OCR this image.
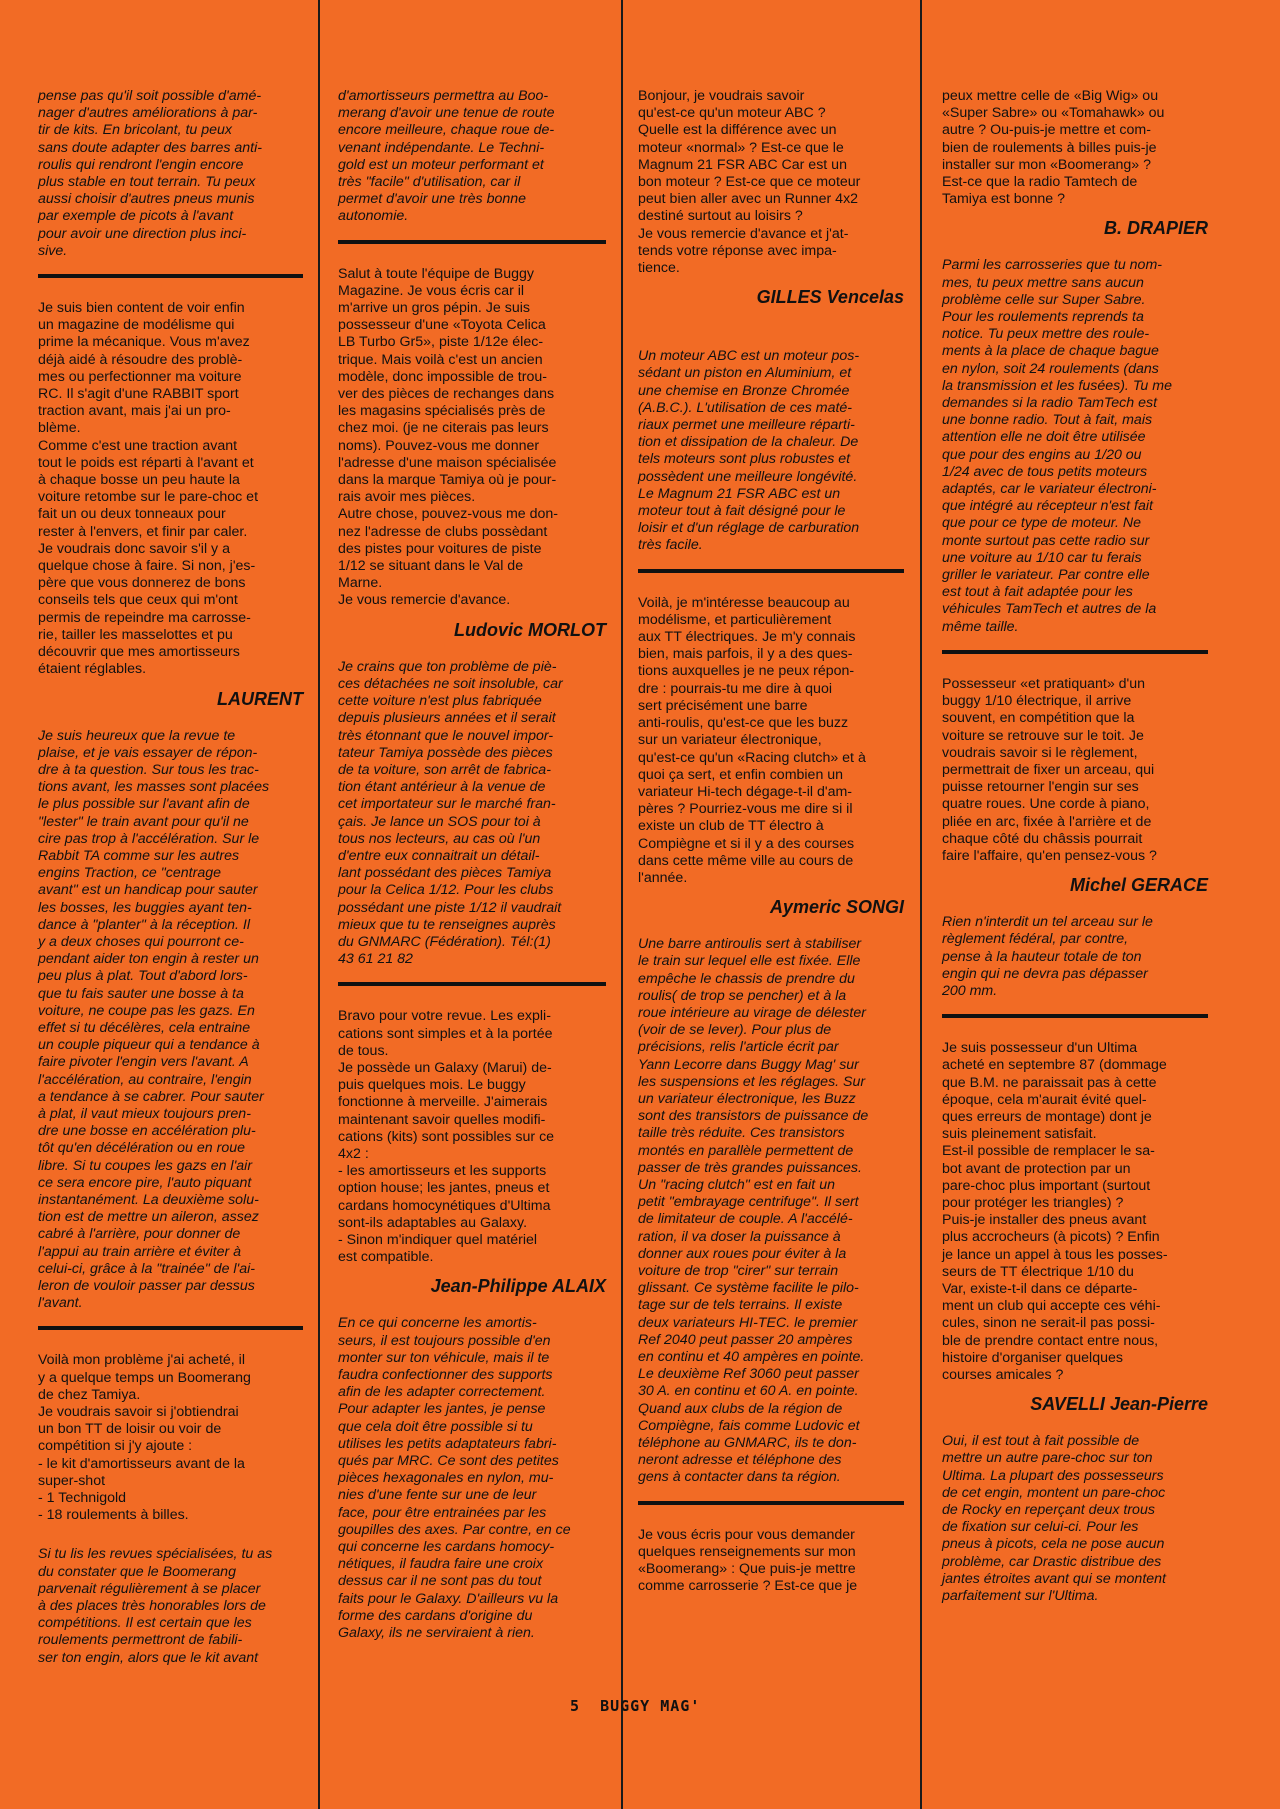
pense pas qu'il soit possible d'amé-
nager d'autres améliorations à par-
tir de kits. En bricolant, tu peux
sans doute adapter des barres anti-
roulis qui rendront l'engin encore
plus stable en tout terrain. Tu peux
aussi choisir d'autres pneus munis
par exemple de picots à l'avant
pour avoir une direction plus inci-
sive.

Je suis bien content de voir enfin
un magazine de modélisme qui
prime la mécanique. Vous m'avez
déjà aidé à résoudre des problè-
mes ou perfectionner ma voiture
RC. Il s'agit d'une RABBIT sport
traction avant, mais j'ai un pro-
blème.
Comme c'est une traction avant
tout le poids est réparti à l'avant et
à chaque bosse un peu haute la
voiture retombe sur le pare-choc et
fait un ou deux tonneaux pour
rester à l'envers, et finir par caler.
Je voudrais donc savoir s'il y a
quelque chose à faire. Si non, j'es-
père que vous donnerez de bons
conseils tels que ceux qui m'ont
permis de repeindre ma carrosse-
rie, tailler les masselottes et pu
découvrir que mes amortisseurs
étaient réglables.

LAURENT

Je suis heureux que la revue te
plaise, et je vais essayer de répon-
dre à ta question. Sur tous les trac-
tions avant, les masses sont placées
le plus possible sur l'avant afin de
"lester" le train avant pour qu'il ne
cire pas trop à l'accélération. Sur le
Rabbit TA comme sur les autres
engins Traction, ce "centrage
avant" est un handicap pour sauter
les bosses, les buggies ayant ten-
dance à "planter" à la réception. Il
y a deux choses qui pourront ce-
pendant aider ton engin à rester un
peu plus à plat. Tout d'abord lors-
que tu fais sauter une bosse à ta
voiture, ne coupe pas les gazs. En
effet si tu décélères, cela entraine
un couple piqueur qui a tendance à
faire pivoter l'engin vers l'avant. A
l'accélération, au contraire, l'engin
a tendance à se cabrer. Pour sauter
à plat, il vaut mieux toujours pren-
dre une bosse en accélération plu-
tôt qu'en décélération ou en roue
libre. Si tu coupes les gazs en l'air
ce sera encore pire, l'auto piquant
instantanément. La deuxième solu-
tion est de mettre un aileron, assez
cabré à l'arrière, pour donner de
l'appui au train arrière et éviter à
celui-ci, grâce à la "trainée" de l'ai-
leron de vouloir passer par dessus
l'avant.

Voilà mon problème j'ai acheté, il
y a quelque temps un Boomerang
de chez Tamiya.
Je voudrais savoir si j'obtiendrai
un bon TT de loisir ou voir de
compétition si j'y ajoute :
- le kit d'amortisseurs avant de la
super-shot
- 1 Technigold
- 18 roulements à billes.

Si tu lis les revues spécialisées, tu as
du constater que le Boomerang
parvenait régulièrement à se placer
à des places très honorables lors de
compétitions. Il est certain que les
roulements permettront de fabili-
ser ton engin, alors que le kit avant

d'amortisseurs permettra au Boo-
merang d'avoir une tenue de route
encore meilleure, chaque roue de-
venant indépendante. Le Techni-
gold est un moteur performant et
très "facile" d'utilisation, car il
permet d'avoir une très bonne
autonomie.

Salut à toute l'équipe de Buggy
Magazine. Je vous écris car il
m'arrive un gros pépin. Je suis
possesseur d'une «Toyota Celica
LB Turbo Gr5», piste 1/12e élec-
trique. Mais voilà c'est un ancien
modèle, donc impossible de trou-
ver des pièces de rechanges dans
les magasins spécialisés près de
chez moi. (je ne citerais pas leurs
noms). Pouvez-vous me donner
l'adresse d'une maison spécialisée
dans la marque Tamiya où je pour-
rais avoir mes pièces.
Autre chose, pouvez-vous me don-
nez l'adresse de clubs possèdant
des pistes pour voitures de piste
1/12 se situant dans le Val de
Marne.
Je vous remercie d'avance.

Ludovic MORLOT

Je crains que ton problème de piè-
ces détachées ne soit insoluble, car
cette voiture n'est plus fabriquée
depuis plusieurs années et il serait
très étonnant que le nouvel impor-
tateur Tamiya possède des pièces
de ta voiture, son arrêt de fabrica-
tion étant antérieur à la venue de
cet importateur sur le marché fran-
çais. Je lance un SOS pour toi à
tous nos lecteurs, au cas où l'un
d'entre eux connaitrait un détail-
lant possédant des pièces Tamiya
pour la Celica 1/12. Pour les clubs
possédant une piste 1/12 il vaudrait
mieux que tu te renseignes auprès
du GNMARC (Fédération). Tél:(1)
43 61 21 82

Bravo pour votre revue. Les expli-
cations sont simples et à la portée
de tous.
Je possède un Galaxy (Marui) de-
puis quelques mois. Le buggy
fonctionne à merveille. J'aimerais
maintenant savoir quelles modifi-
cations (kits) sont possibles sur ce
4x2 :
- les amortisseurs et les supports
option house; les jantes, pneus et
cardans homocynétiques d'Ultima
sont-ils adaptables au Galaxy.
- Sinon m'indiquer quel matériel
est compatible.

Jean-Philippe ALAIX

En ce qui concerne les amortis-
seurs, il est toujours possible d'en
monter sur ton véhicule, mais il te
faudra confectionner des supports
afin de les adapter correctement.
Pour adapter les jantes, je pense
que cela doit être possible si tu
utilises les petits adaptateurs fabri-
qués par MRC. Ce sont des petites
pièces hexagonales en nylon, mu-
nies d'une fente sur une de leur
face, pour être entrainées par les
goupilles des axes. Par contre, en ce
qui concerne les cardans homocy-
nétiques, il faudra faire une croix
dessus car il ne sont pas du tout
faits pour le Galaxy. D'ailleurs vu la
forme des cardans d'origine du
Galaxy, ils ne serviraient à rien.

Bonjour, je voudrais savoir
qu'est-ce qu'un moteur ABC ?
Quelle est la différence avec un
moteur «normal» ? Est-ce que le
Magnum 21 FSR ABC Car est un
bon moteur ? Est-ce que ce moteur
peut bien aller avec un Runner 4x2
destiné surtout au loisirs ?
Je vous remercie d'avance et j'at-
tends votre réponse avec impa-
tience.

GILLES Vencelas

Un moteur ABC est un moteur pos-
sédant un piston en Aluminium, et
une chemise en Bronze Chromée
(A.B.C.). L'utilisation de ces maté-
riaux permet une meilleure réparti-
tion et dissipation de la chaleur. De
tels moteurs sont plus robustes et
possèdent une meilleure longévité.
Le Magnum 21 FSR ABC est un
moteur tout à fait désigné pour le
loisir et d'un réglage de carburation
très facile.

Voilà, je m'intéresse beaucoup au
modélisme, et particulièrement
aux TT électriques. Je m'y connais
bien, mais parfois, il y a des ques-
tions auxquelles je ne peux répon-
dre : pourrais-tu me dire à quoi
sert précisément une barre
anti-roulis, qu'est-ce que les buzz
sur un variateur électronique,
qu'est-ce qu'un «Racing clutch» et à
quoi ça sert, et enfin combien un
variateur Hi-tech dégage-t-il d'am-
pères ? Pourriez-vous me dire si il
existe un club de TT électro à
Compiègne et si il y a des courses
dans cette même ville au cours de
l'année.

Aymeric SONGI

Une barre antiroulis sert à stabiliser
le train sur lequel elle est fixée. Elle
empêche le chassis de prendre du
roulis( de trop se pencher) et à la
roue intérieure au virage de délester
(voir de se lever). Pour plus de
précisions, relis l'article écrit par
Yann Lecorre dans Buggy Mag' sur
les suspensions et les réglages. Sur
un variateur électronique, les Buzz
sont des transistors de puissance de
taille très réduite. Ces transistors
montés en parallèle permettent de
passer de très grandes puissances.
Un "racing clutch" est en fait un
petit "embrayage centrifuge". Il sert
de limitateur de couple. A l'accélé-
ration, il va doser la puissance à
donner aux roues pour éviter à la
voiture de trop "cirer" sur terrain
glissant. Ce système facilite le pilo-
tage sur de tels terrains. Il existe
deux variateurs HI-TEC. le premier
Ref 2040 peut passer 20 ampères
en continu et 40 ampères en pointe.
Le deuxième Ref 3060 peut passer
30 A. en continu et 60 A. en pointe.
Quand aux clubs de la région de
Compiègne, fais comme Ludovic et
téléphone au GNMARC, ils te don-
neront adresse et téléphone des
gens à contacter dans ta région.

Je vous écris pour vous demander
quelques renseignements sur mon
«Boomerang» : Que puis-je mettre
comme carrosserie ? Est-ce que je

peux mettre celle de «Big Wig» ou
«Super Sabre» ou «Tomahawk» ou
autre ? Ou-puis-je mettre et com-
bien de roulements à billes puis-je
installer sur mon «Boomerang» ?
Est-ce que la radio Tamtech de
Tamiya est bonne ?

B. DRAPIER

Parmi les carrosseries que tu nom-
mes, tu peux mettre sans aucun
problème celle sur Super Sabre.
Pour les roulements reprends ta
notice. Tu peux mettre des roule-
ments à la place de chaque bague
en nylon, soit 24 roulements (dans
la transmission et les fusées). Tu me
demandes si la radio TamTech est
une bonne radio. Tout à fait, mais
attention elle ne doit être utilisée
que pour des engins au 1/20 ou
1/24 avec de tous petits moteurs
adaptés, car le variateur électroni-
que intégré au récepteur n'est fait
que pour ce type de moteur. Ne
monte surtout pas cette radio sur
une voiture au 1/10 car tu ferais
griller le variateur. Par contre elle
est tout à fait adaptée pour les
véhicules TamTech et autres de la
même taille.

Possesseur «et pratiquant» d'un
buggy 1/10 électrique, il arrive
souvent, en compétition que la
voiture se retrouve sur le toit. Je
voudrais savoir si le règlement,
permettrait de fixer un arceau, qui
puisse retourner l'engin sur ses
quatre roues. Une corde à piano,
pliée en arc, fixée à l'arrière et de
chaque côté du châssis pourrait
faire l'affaire, qu'en pensez-vous ?

Michel GERACE

Rien n'interdit un tel arceau sur le
règlement fédéral, par contre,
pense à la hauteur totale de ton
engin qui ne devra pas dépasser
200 mm.

Je suis possesseur d'un Ultima
acheté en septembre 87 (dommage
que B.M. ne paraissait pas à cette
époque, cela m'aurait évité quel-
ques erreurs de montage) dont je
suis pleinement satisfait.
Est-il possible de remplacer le sa-
bot avant de protection par un
pare-choc plus important (surtout
pour protéger les triangles) ?
Puis-je installer des pneus avant
plus accrocheurs (à picots) ? Enfin
je lance un appel à tous les posses-
seurs de TT électrique 1/10 du
Var, existe-t-il dans ce départe-
ment un club qui accepte ces véhi-
cules, sinon ne serait-il pas possi-
ble de prendre contact entre nous,
histoire d'organiser quelques
courses amicales ?

SAVELLI Jean-Pierre

Oui, il est tout à fait possible de
mettre un autre pare-choc sur ton
Ultima. La plupart des possesseurs
de cet engin, montent un pare-choc
de Rocky en reperçant deux trous
de fixation sur celui-ci. Pour les
pneus à picots, cela ne pose aucun
problème, car Drastic distribue des
jantes étroites avant qui se montent
parfaitement sur l'Ultima.

5 BUGGY MAG'
